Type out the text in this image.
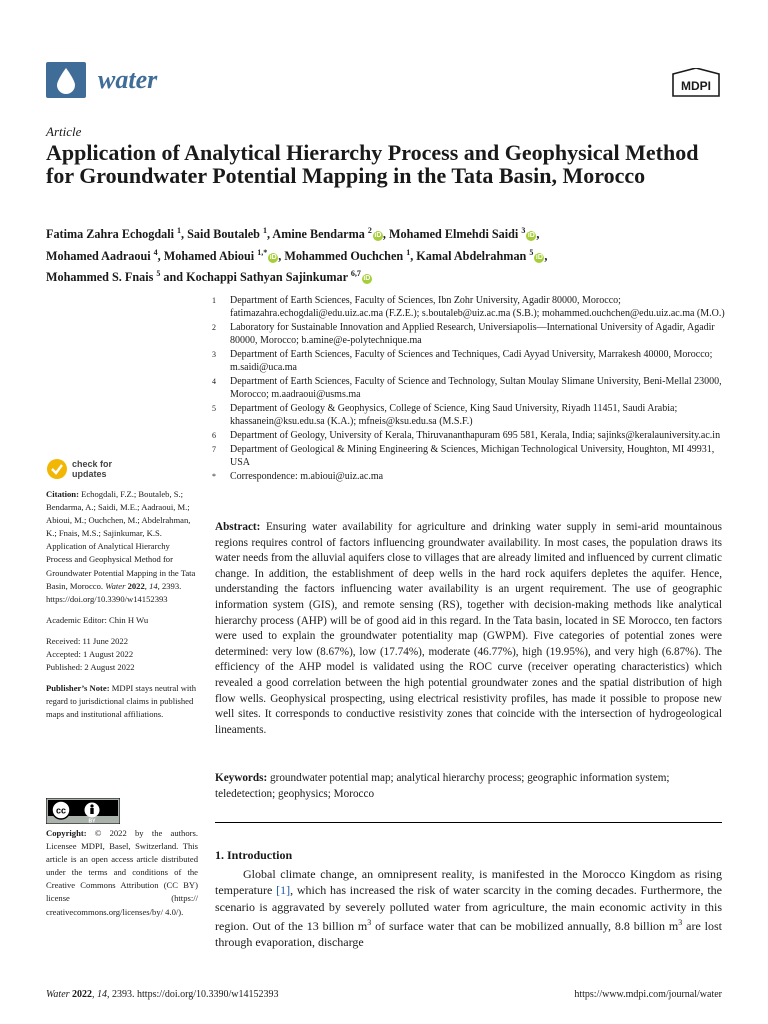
water	MDPI
Article
Application of Analytical Hierarchy Process and Geophysical Method for Groundwater Potential Mapping in the Tata Basin, Morocco
Fatima Zahra Echogdali $^1$, Said Boutaleb $^1$, Amine Bendarma $^2$iD , Mohamed Elmehdi Saidi $^3$iD ,
Mohamed Aadraoui $^4$, Mohamed Abioui $^{1,*}$iD , Mohammed Ouchchen $^1$, Kamal Abdelrahman $^5$iD ,
Mohammed S. Fnais $^5$ and Kochappi Sathyan Sajinkumar $^{6,7}$iD
1	Department of Earth Sciences, Faculty of Sciences, Ibn Zohr University, Agadir 80000, Morocco; fatimazahra.echogdali@edu.uiz.ac.ma (F.Z.E.); s.boutaleb@uiz.ac.ma (S.B.); mohammed.ouchchen@edu.uiz.ac.ma (M.O.)
2	Laboratory for Sustainable Innovation and Applied Research, Universiapolis—International University of Agadir, Agadir 80000, Morocco; b.amine@e-polytechnique.ma
3	Department of Earth Sciences, Faculty of Sciences and Techniques, Cadi Ayyad University, Marrakesh 40000, Morocco; m.saidi@uca.ma
4	Department of Earth Sciences, Faculty of Science and Technology, Sultan Moulay Slimane University, Beni-Mellal 23000, Morocco; m.aadraoui@usms.ma
5	Department of Geology & Geophysics, College of Science, King Saud University, Riyadh 11451, Saudi Arabia; khassanein@ksu.edu.sa (K.A.); mfneis@ksu.edu.sa (M.S.F.)
6	Department of Geology, University of Kerala, Thiruvananthapuram 695 581, Kerala, India; sajinks@keralauniversity.ac.in
7	Department of Geological & Mining Engineering & Sciences, Michigan Technological University, Houghton, MI 49931, USA
*	Correspondence: m.abioui@uiz.ac.ma
check for
updates

Citation: Echogdali, F.Z.; Boutaleb, S.; Bendarma, A.; Saidi, M.E.; Aadraoui, M.; Abioui, M.; Ouchchen, M.; Abdelrahman, K.; Fnais, M.S.; Sajinkumar, K.S. Application of Analytical Hierarchy Process and Geophysical Method for Groundwater Potential Mapping in the Tata Basin, Morocco. Water 2022, 14, 2393. https://doi.org/10.3390/w14152393

Academic Editor: Chin H Wu

Received: 11 June 2022
Accepted: 1 August 2022
Published: 2 August 2022

Publisher’s Note: MDPI stays neutral with regard to jurisdictional claims in published maps and institutional affiliations.

cc
BY
Copyright: © 2022 by the authors. Licensee MDPI, Basel, Switzerland. This article is an open access article distributed under the terms and conditions of the Creative Commons Attribution (CC BY) license (https:// creativecommons.org/licenses/by/ 4.0/).
Abstract: Ensuring water availability for agriculture and drinking water supply in semi-arid mountainous regions requires control of factors influencing groundwater availability. In most cases, the population draws its water needs from the alluvial aquifers close to villages that are already limited and influenced by current climatic change. In addition, the establishment of deep wells in the hard rock aquifers depletes the aquifer. Hence, understanding the factors influencing water availability is an urgent requirement. The use of geographic information system (GIS), and remote sensing (RS), together with decision-making methods like analytical hierarchy process (AHP) will be of good aid in this regard. In the Tata basin, located in SE Morocco, ten factors were used to explain the groundwater potentiality map (GWPM). Five categories of potential zones were determined: very low (8.67%), low (17.74%), moderate (46.77%), high (19.95%), and very high (6.87%). The efficiency of the AHP model is validated using the ROC curve (receiver operating characteristics) which revealed a good correlation between the high potential groundwater zones and the spatial distribution of high flow wells. Geophysical prospecting, using electrical resistivity profiles, has made it possible to propose new well sites. It corresponds to conductive resistivity zones that coincide with the intersection of hydrogeological lineaments.
Keywords: groundwater potential map; analytical hierarchy process; geographic information system; teledetection; geophysics; Morocco
1. Introduction
Global climate change, an omnipresent reality, is manifested in the Morocco Kingdom as rising temperature [1], which has increased the risk of water scarcity in the coming decades. Furthermore, the scenario is aggravated by severely polluted water from agriculture, the main economic activity in this region. Out of the 13 billion $m^3$ of surface water that can be mobilized annually, 8.8 billion $m^3$ are lost through evaporation, discharge
Water 2022, 14, 2393. https://doi.org/10.3390/w14152393	https://www.mdpi.com/journal/water
